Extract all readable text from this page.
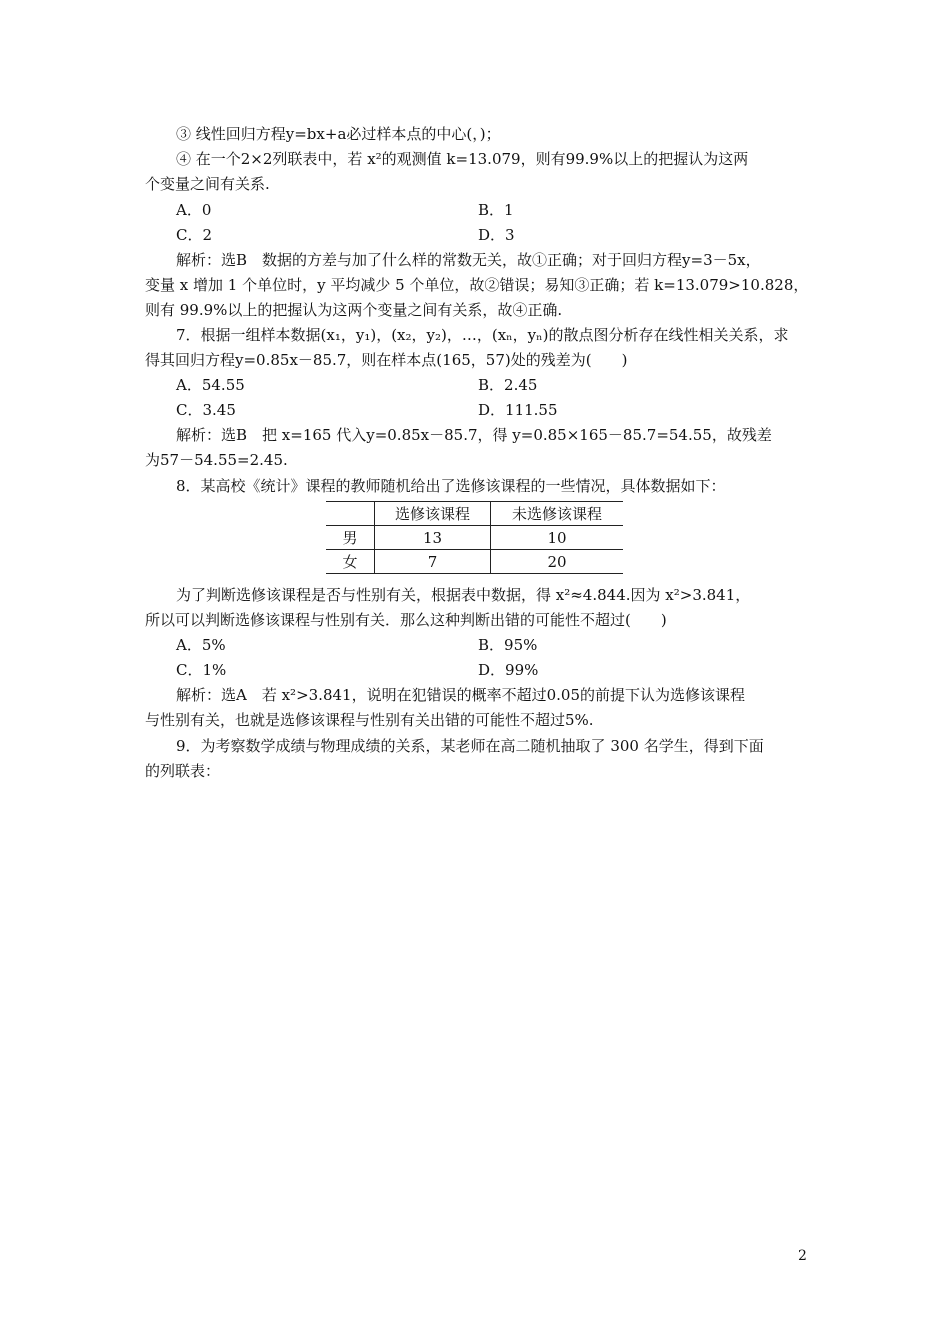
③ 线性回归方程y=bx+a必过样本点的中心(，)；
④ 在一个2×2列联表中，若 x²的观测值 k=13.079，则有99.9%以上的把握认为这两
个变量之间有关系.
A．0	B．1
C．2	D．3
解析：选B　数据的方差与加了什么样的常数无关，故①正确；对于回归方程y=3－5x，
变量 x 增加 1 个单位时，y 平均减少 5 个单位，故②错误；易知③正确；若 k=13.079>10.828，
则有 99.9%以上的把握认为这两个变量之间有关系，故④正确.
7．根据一组样本数据(x₁，y₁)，(x₂，y₂)，…，(xₙ，yₙ)的散点图分析存在线性相关关系，求
得其回归方程y=0.85x－85.7，则在样本点(165，57)处的残差为(　　)
A．54.55	B．2.45
C．3.45	D．111.55
解析：选B　把 x=165 代入y=0.85x－85.7，得 y=0.85×165－85.7=54.55，故残差
为57－54.55=2.45.
8．某高校《统计》课程的教师随机给出了选修该课程的一些情况，具体数据如下：
	选修该课程	未选修该课程
男	13	10
女	7	20
为了判断选修该课程是否与性别有关，根据表中数据，得 x²≈4.844.因为 x²>3.841，
所以可以判断选修该课程与性别有关．那么这种判断出错的可能性不超过(　　)
A．5%	B．95%
C．1%	D．99%
解析：选A　若 x²>3.841，说明在犯错误的概率不超过0.05的前提下认为选修该课程
与性别有关，也就是选修该课程与性别有关出错的可能性不超过5%.
9．为考察数学成绩与物理成绩的关系，某老师在高二随机抽取了 300 名学生，得到下面
的列联表：
2
